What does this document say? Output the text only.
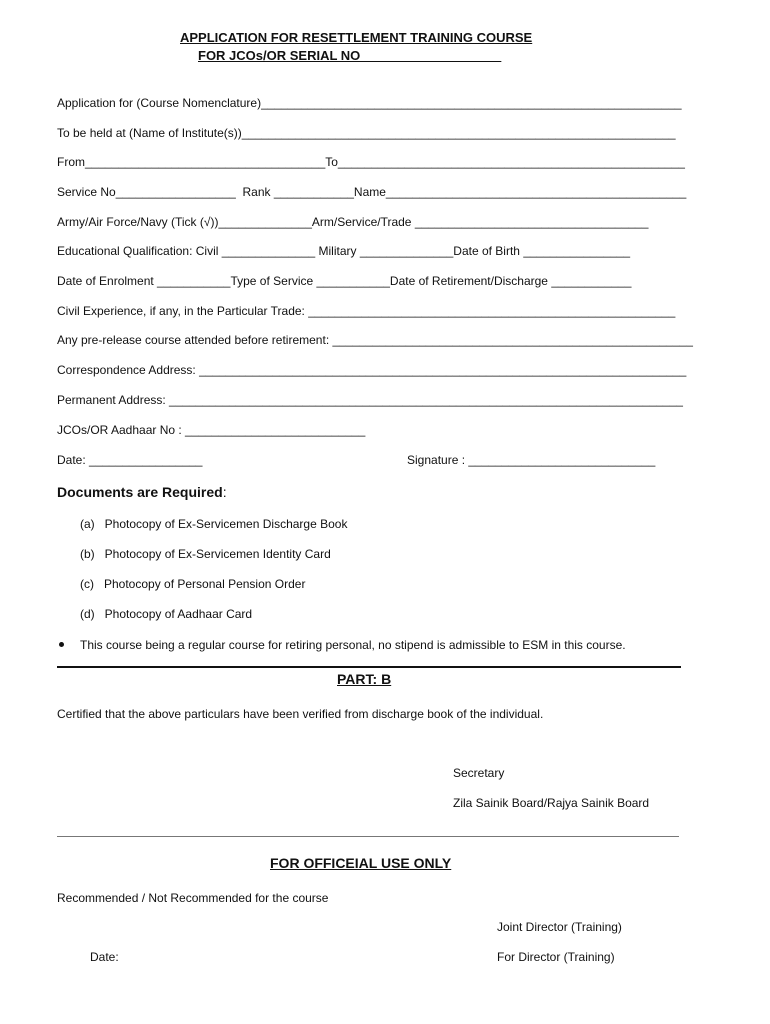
APPLICATION FOR RESETTLEMENT TRAINING COURSE
FOR JCOs/OR SERIAL NO ___________________
Application for (Course Nomenclature)_______________________________________________________________
To be held at (Name of Institute(s))_________________________________________________________________
From____________________________________To____________________________________________________
Service No__________________  Rank ____________Name_____________________________________________
Army/Air Force/Navy (Tick (√))______________Arm/Service/Trade ___________________________________
Educational Qualification: Civil ______________ Military ______________Date of Birth ________________
Date of Enrolment ___________Type of Service ___________Date of Retirement/Discharge ____________
Civil Experience, if any, in the Particular Trade: _______________________________________________________
Any pre-release course attended before retirement: ______________________________________________________
Correspondence Address: _________________________________________________________________________
Permanent Address: _____________________________________________________________________________
JCOs/OR Aadhaar No : ___________________________
Date: _________________	Signature : ____________________________
Documents are Required:
(a)   Photocopy of Ex-Servicemen Discharge Book
(b)   Photocopy of Ex-Servicemen Identity Card
(c)   Photocopy of Personal Pension Order
(d)   Photocopy of Aadhaar Card
This course being a regular course for retiring personal, no stipend is admissible to ESM in this course.
PART: B
Certified that the above particulars have been verified from discharge book of the individual.
Secretary
Zila Sainik Board/Rajya Sainik Board
FOR OFFICEIAL USE ONLY
Recommended / Not Recommended for the course
Joint Director (Training)
Date:	For Director (Training)
